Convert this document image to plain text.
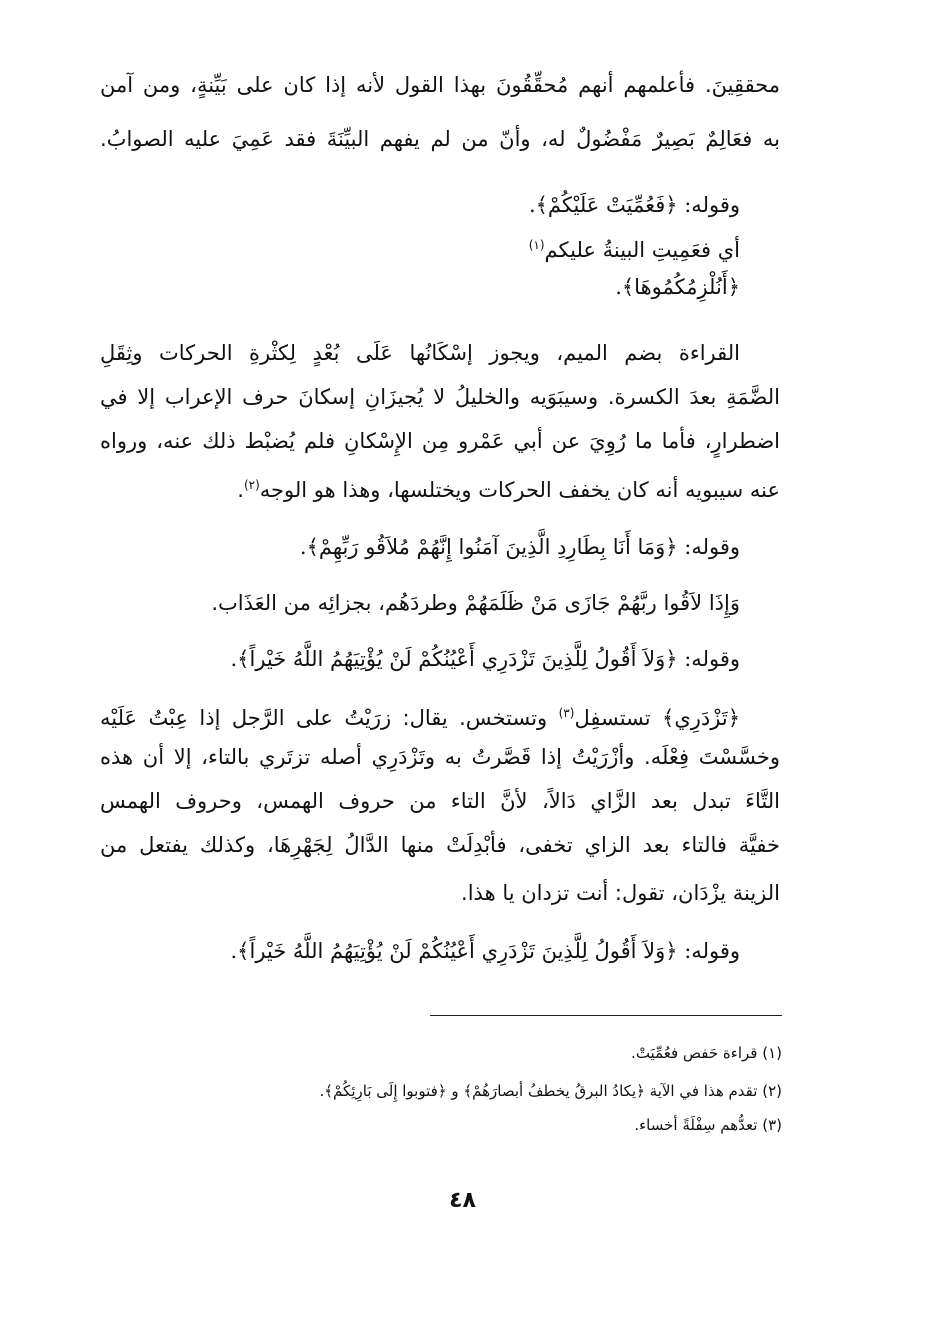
محققِينَ. فأعلمهم أنهم مُحقِّقُونَ بهذا القول لأنه إذا كان على بَيِّنةٍ، ومن آمن
به فعَالِمٌ بَصِيرٌ مَفْضُولٌ له، وأنّ من لم يفهم البيِّنَةَ فقد عَمِيَ عليه الصوابُ.
وقوله: ﴿فَعُمِّيَتْ عَلَيْكُمْ﴾.
أي فعَمِيتِ البينةُ عليكم$^{(١)}$
﴿أَنُلْزِمُكُمُوهَا﴾.
القراءة بضم الميم، ويجوز إسْكَانُها عَلَى بُعْدٍ لِكثْرةِ الحركات وثِقَلِ
الضَّمَةِ بعدَ الكسرة. وسيبَوَيه والخليلُ لا يُجيزَانِ إسكانَ حرف الإعراب إلا في
اضطرارٍ، فأما ما رُوِيَ عن أبي عَمْرو مِن الإِسْكانِ فلم يُضبْط ذلك عنه، ورواه
عنه سيبويه أنه كان يخفف الحركات ويختلسها، وهذا هو الوجه$^{(٢)}$.
وقوله: ﴿وَمَا أَنَا بِطَارِدِ الَّذِينَ آمَنُوا إِنَّهُمْ مُلاَقُو رَبِّهِمْ﴾.
وَإِذَا لاَقُوا ربَّهُمْ جَازَى مَنْ ظَلَمَهُمْ وطردَهُم، بجزائِه من العَذَاب.
وقوله: ﴿وَلاَ أَقُولُ لِلَّذِينَ تَزْدَرِي أَعْيُنُكُمْ لَنْ يُؤْتِيَهُمُ اللَّهُ خَيْراً﴾.
﴿تَزْدَرِي﴾ تستسفِل$^{(٣)}$ وتستخس. يقال: زرَيْتُ على الرَّجل إذا عِبْتُ عَلَيْه
وخسَّسْتَ فِعْلَه. وأزْرَيْتُ إذا قَصَّرتُ به وتَزْدَرِي أصله تزتَري بالتاء، إلا أن هذه
التَّاءَ تبدل بعد الزَّاي دَالاً، لأنَّ التاء من حروف الهمس، وحروف الهمس
خفيَّة فالتاء بعد الزاي تخفى، فأبْدِلَتْ منها الدَّالُ لِجَهْرِهَا، وكذلك يفتعل من
الزينة يزْدَان، تقول: أنت تزدان يا هذا.
وقوله: ﴿وَلاَ أَقُولُ لِلَّذِينَ تَزْدَرِي أَعْيُنُكُمْ لَنْ يُؤْتِيَهُمُ اللَّهُ خَيْراً﴾.
(١) قراءة حَفص فعُمِّيَتْ.
(٢) تقدم هذا في الآية ﴿يكادُ البرقُ يخطفُ أبصارَهُمْ﴾ و ﴿فتوبوا إِلَى بَارِئِكُمْ﴾.
(٣) تعدُّهم سِفْلَةً أخساء.
٤٨
